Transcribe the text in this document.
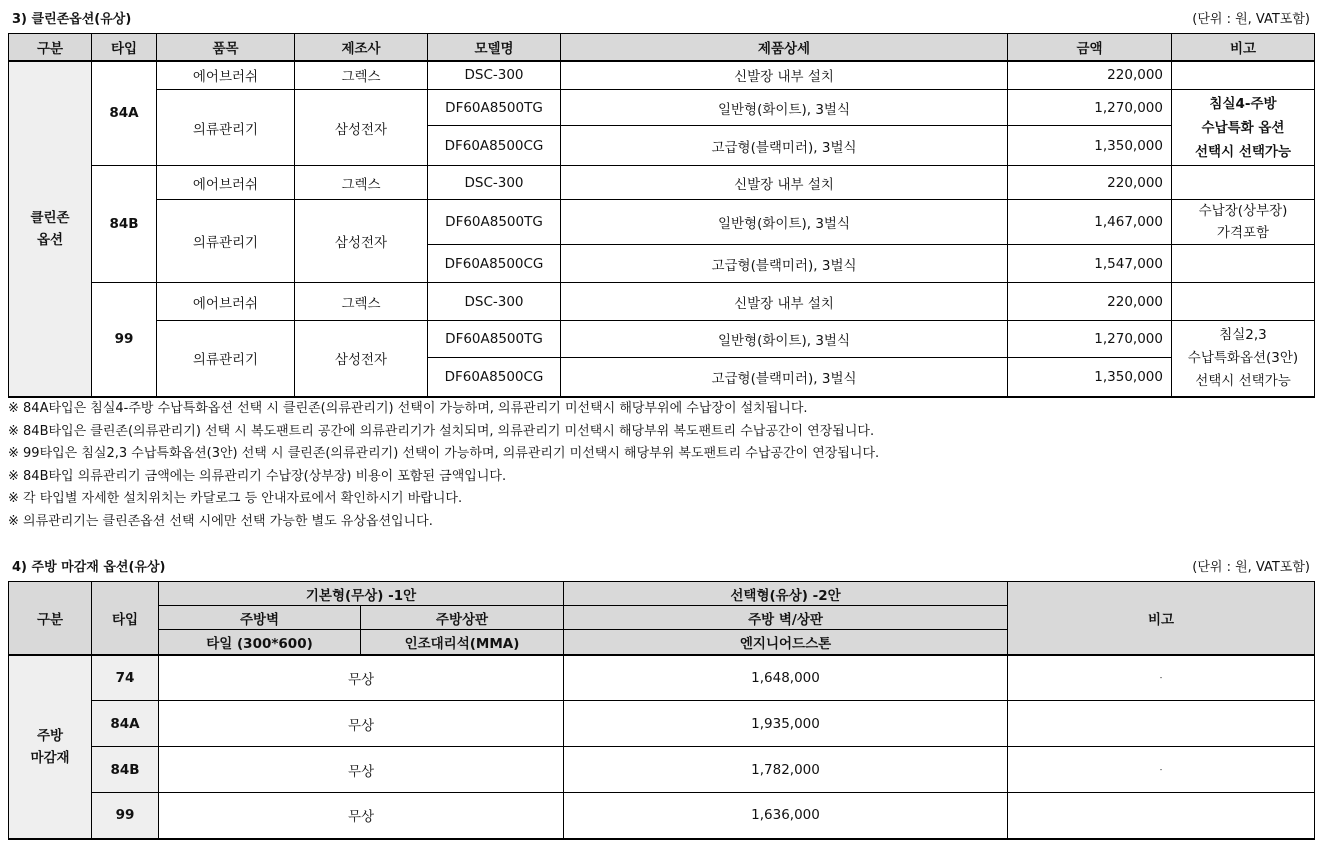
3) 클린존옵션(유상)	(단위 : 원, VAT포함)
구분	타입	품목	제조사	모델명	제품상세	금액	비고
클린존
옵션	84A	에어브러쉬	그렉스	DSC-300	신발장 내부 설치	220,000	
		의류관리기	삼성전자	DF60A8500TG	일반형(화이트), 3벌식	1,270,000	침실4-주방
수납특화 옵션
선택시 선택가능
				DF60A8500CG	고급형(블랙미러), 3벌식	1,350,000	
	84B	에어브러쉬	그렉스	DSC-300	신발장 내부 설치	220,000	
		의류관리기	삼성전자	DF60A8500TG	일반형(화이트), 3벌식	1,467,000	수납장(상부장)
가격포함
				DF60A8500CG	고급형(블랙미러), 3벌식	1,547,000	
	99	에어브러쉬	그렉스	DSC-300	신발장 내부 설치	220,000	
		의류관리기	삼성전자	DF60A8500TG	일반형(화이트), 3벌식	1,270,000	침실2,3
수납특화옵션(3안)
선택시 선택가능
				DF60A8500CG	고급형(블랙미러), 3벌식	1,350,000	
※ 84A타입은 침실4-주방 수납특화옵션 선택 시 클린존(의류관리기) 선택이 가능하며, 의류관리기 미선택시 해당부위에 수납장이 설치됩니다.
※ 84B타입은 클린존(의류관리기) 선택 시 복도팬트리 공간에 의류관리기가 설치되며, 의류관리기 미선택시 해당부위 복도팬트리 수납공간이 연장됩니다.
※ 99타입은 침실2,3 수납특화옵션(3안) 선택 시 클린존(의류관리기) 선택이 가능하며, 의류관리기 미선택시 해당부위 복도팬트리 수납공간이 연장됩니다.
※ 84B타입 의류관리기 금액에는 의류관리기 수납장(상부장) 비용이 포함된 금액입니다.
※ 각 타입별 자세한 설치위치는 카달로그 등 안내자료에서 확인하시기 바랍니다.
※ 의류관리기는 클린존옵션 선택 시에만 선택 가능한 별도 유상옵션입니다.
4) 주방 마감재 옵션(유상)	(단위 : 원, VAT포함)
구분	타입	기본형(무상) -1안		선택형(유상) -2안	비고
		주방벽	주방상판	주방 벽/상판	
		타일 (300*600)	인조대리석(MMA)	엔지니어드스톤	
주방
마감재	74	무상		1,648,000	-
	84A	무상		1,935,000	
	84B	무상		1,782,000	-
	99	무상		1,636,000	
